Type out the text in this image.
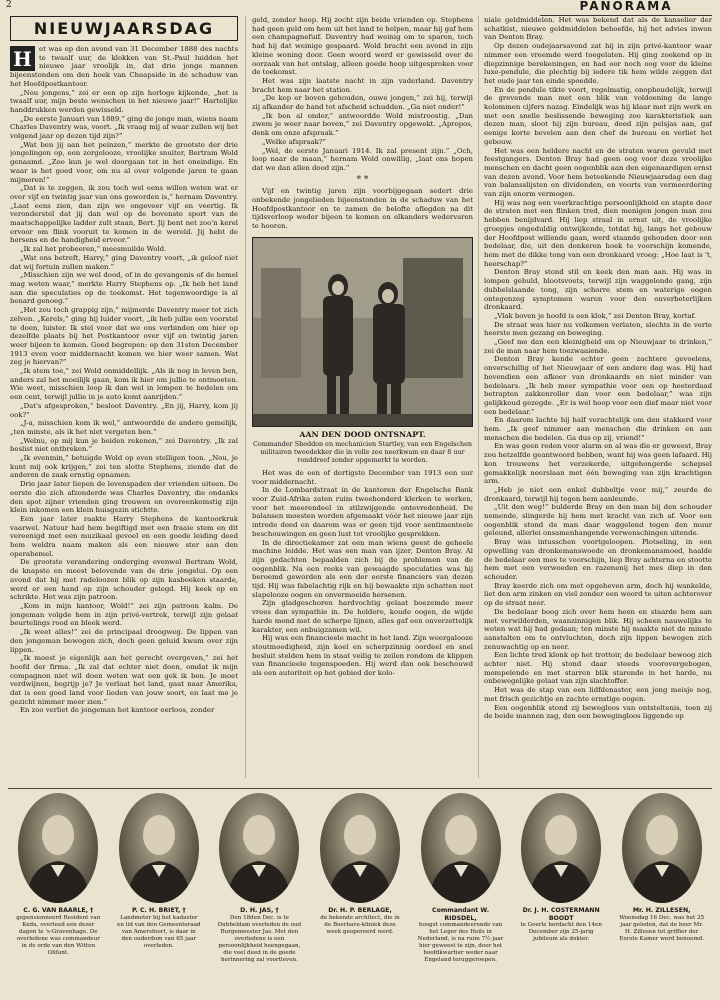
2	PANORAMA
NIEUWJAARSDAG

H	et was op den avond van 31 December 1888 des nachts te twaalf uur, de klokken van St.-Paul luidden het nieuwe jaar vroolijk in, dat drie jonge mannen bijeenstonden om den hoek van Cheapside in de schaduw van het Hoofdpostkantoor.

„Nou jongens,” zei er een op zijn horloge kijkende, „het is twaalf uur, mijn beste wenschen in het nieuwe jaar!” Hartelijke handdrukken werden gewisseld.

„De eerste Januari van 1889,” ging de jonge man, wiens naam Charles Daventry was, voort. „Ik vraag mij af waar zullen wij het volgend jaar op dezen tijd zijn?”

„Wat ben jij aan het peinzen,” merkte de grootste der drie jongelingen op, een zorgelooze, vroolijke snuiter, Bertram Wold genaamd. „Zoo kun je wel doorgaan tot in het oneindige. En waar is het goed voor, om nu al over volgende jaren te gaan mijmeren!”

„Dat is te zeggen, ik zou toch wel eens willen weten wat er over vijf en twintig jaar van ons geworden is,” hernam Daventry. „Laat eens zien, dan zijn we ongeveer vijf en veertig. Ik veronderstel dat jij dan wel op de bovenste sport van de maatschappelijke ladder zult staan, Bert. Jij bent net zoo'n kerel ervoor om flink vooruit te komen in de wereld. Jij hebt de hersens en de handigheid ervoor.”

„Ik zal het probeeren,” meesmuilde Wold.

„Wat ons betreft, Harry,” ging Daventry voort, „ik geloof niet dat wij fortuin zullen maken.”

„Misschien zijn we wel dood, of in de gevangenis of de hemel mag weten waar,” merkte Harry Stephens op. „Ik heb het land aan die speculaties op de toekomst. Het tegenwoordige is al benard genoeg.”

„Het zou toch grappig zijn,” mijmerde Daventry meer tot zich zelven. „Kerels,” ging hij luider voort, „ik heb jullie een voorstel te doen, luister. Ik stel voor dat we ons verbinden om hier op dezelfde plaats bij het Postkantoor over vijf en twintig jaren weer bijeen te komen. Goed begrepen: op den 31sten December 1913 even voor middernacht komen we hier weer samen. Wat zeg je hiervan?”

„Ik stem toe,” zei Wold onmiddellijk. „Als ik nog in leven ben, anders zal het moeilijk gaan, kom ik hier om jullie te ontmoeten. Wie weet, misschien loop ik dan wel in lompen te bedelen om een cent, terwijl jullie in je auto komt aanrijden.”

„Dat's afgesproken,” besloot Daventry. „En jij, Harry, kom jij ook?”

„J-a, misschien kom ik wel,” antwoordde de andere gemelijk, „ten minste, als ik het niet vergeten ben.”

„Welnu, op mij kun je beiden rekenen,” zei Daventry. „Ik zal beslist niet ontbreken.”

„Ik evenmin,” betuigde Wold op even stelligen toon. „Nou, je kunt mij ook krijgen,” zei ten slotte Stephens, ziende dat de anderen de zaak ernstig opnamen.

Drie jaar later liepen de levenspaden der vrienden uiteen. De eerste die zich afzonderde was Charles Daventry, die ondanks den spot zijner vrienden ging trouwen en overeenkomstig zijn klein inkomen een klein huisgezin stichtte.

Een jaar later raakte Harry Stephens de kantoorkruk vaarwel. Natuur had hem begiftigd met een fraaie stem en dit vereenigd met een muzikaal gevoel en een goede leiding deed hem weldra naam maken als een nieuwe ster aan den operahemel.

De grootste verandering onderging evenwel Bertram Wold, de knapste en meest belovende van de drie jongelui. Op een avond dat hij met radeloozen blik op zijn kasboeken staarde, werd er een hand op zijn schouder gelegd. Hij keek op en schrikte. Het was zijn patroon.

„Kom in mijn kantoor, Wold!” zei zijn patroon kalm. De jongeman volgde hem in zijn privé-vertrek, terwijl zijn gelaat beurtelings rood en bleek werd.

„Ik weet alles!” zei de principaal droogweg. De lippen van den jongeman bewogen zich, doch geen geluid kwam over zijn lippen.

„Ik moest je eigenlijk aan het gerecht overgeven,” zei het hoofd der firma. „Ik zal dat echter niet doen, omdat ik mijn compagnon niet wil doen weten wat een gek ik ben. Je moet verdwijnen, begrijp je? Je verlaat het land, gaat naar Amerika, dat is een goed land voor lieden van jouw soort, en laat me je gezicht nimmer meer zien.”

En zoo verliet de jongeman het kantoor eerloos, zonder

geld, zonder hoop. Hij zocht zijn beide vrienden op. Stephens had geen geld om hem uit het land te helpen, maar hij gaf hem een champagnefuif. Daventry had weinig om te sparen, toch had hij dat weinige gespaard. Wold bracht een avond in zijn kleine woning door. Geen woord werd er gewisseld over de oorzaak van het ontslag, alleen goede hoop uitgesproken voor de toekomst.

Het was zijn laatste nacht in zijn vaderland. Daventry bracht hem naar het station.

„De kop er boven gehouden, ouwe jongen,” zei hij, terwijl zij afkander de hand tot afscheid schudden. „Ga niet onder!”

„Ik ben al onder,” antwoordde Wold mistroostig. „Dan zwem je weer naar boven,” zei Daventry opgewekt. „Apropos, denk om onze afspraak.”

„Welke afspraak?”

„Wel, de eerste Januari 1914. Ik zal present zijn.” „Och, loop naar de maan,” hernam Wold onwillig, „laat ons hopen dat we dan allen dood zijn.”

* *

Vijf en twintig jaren zijn voorbijgegaan sedert drie onbekende jongelieden bijeenstonden in de schaduw van het Hoofdpostkantoor en te zamen de belofte aflegden na dit tijdsverloop weder bijeen te komen en elkanders wedervaren te hooren.

AAN DEN DOOD ONTSNAPT.
Commander Sheddon en mechanicien Startley, van een Engelschen militairen tweedekker die in volle zee neerkwam en daar 8 uur ronddreef zonder opgemerkt te worden.

Het was de een of dertigste December van 1913 een uur voor middernacht.

In de Lombardstraat in de kantoren der Engelsche Bank voor Zuid-Afrika zaten ruim tweehonderd klerken te werken, voor het meerendeel in stilzwijgende ontevredenheid. De balansen moesten worden afgemaakt vóór het nieuwe jaar zijn intrede deed en daarom was er geen tijd voor sentimenteele beschouwingen en geen lust tot vroolijke gesprekken.

In de directiekamer zat een man wiens geest de geheele machine leidde. Het was een man van ijzer, Denton Bray. Al zijn gedachten bepaalden zich bij de problemen van de oogenblik. Na een reeks van gewaagde speculaties was hij beroemd geworden als een der eerste financiers van dezen tijd. Hij was fabelachtig rijk en hij bewaakte zijn schatten met slapelooze oogen en onvermoeide hersenen.

Zijn gladgeschoren hardvochtig gelaat boezemde meer vrees dan sympathie in. De holdere, koude oogen, de wijde harde mond met de scherpe lijnen, alles gaf een onverzettelijk karakter, een onbuigzamen wil.

Hij was een financieele macht in het land. Zijn weergalooze stoutmoedigheid, zijn koel en scherpzinnig oordeel en snel besluit stelden hem in staat veilig te zeilen rondom de klippen van financieele tegenspoeden. Hij werd dan ook beschouwd als een autoriteit op het gebied der kolo-

niale geldmiddelen. Het was bekend dat als de kanselier der schatkist, nieuwe geldmiddelen behoefde, hij het advies inwon van Denton Bray.

Op dezen oudejaarsavond zat hij in zijn privé-kantoor waar nimmer een vreemde werd toegelaten. Hij ging zoekend op in diepzinnige berekeningen, en had oor noch oog voor de kleine luxe-pendule, die plechtig bij iedere tik hem wilde zeggen dat het oude jaar ten einde spoedde.

En de pendule tikte voort, regelmatig, onophoudelijk, terwijl de grevende man met een blik van voldoening de lange kolommen cijfers nazag. Eindelijk was hij klaar met zijn werk en met een snelle beslissende beweging zoo karakteristiek aan dezen man, sloot hij zijn bureau, deed zijn pelsjas aan, gaf eenige korte bevelen aan den chef de bureau en verliet het gebouw.

Het was een heldere nacht en de straten waren gevuld met feestgangers. Denton Bray had geen oog voor deze vroolijke menschen en dacht geen oogenblik aan den eigenaardigen ernst van dezen avond. Voor hem beteekende Nieuwjaarsdag een dag van balansslijsten en dividenden, en voorts van vermeerdering van zijn enorm vermogen.

Hij was nog een veerkrachtige persoonlijkheid en stapte door de straten met een flinken tred, dien menigen jongen man zou hebben benijdvard. Hij liep straal in ernst uit, de vroolijke groepjes ongeduldig ontwijkende, totdat hij, langs het gebouw der Hoofdpost willende gaan, werd staande gehouden door een bedelaar, die, uit den donkeren hoek te voorschijn komende, hem met de dikke tong van een dronkaard vroeg: „Hoe laat is 't, heerschap?”

Denton Bray stond stil en keek den man aan. Hij was in lompen gehuld, blootsvoets, terwijl zijn waggelende gang, zijn dubbelslaande tong, zijn schorre stem en waterige oogen ontegenzeg symptomen waren voor den onverbeterlijken dronkaard.

„Vlak boven je hoofd is een klok,” zei Denton Bray, kortaf.

De straat was hier nu volkomen verlaten, slechts in de verte heerste men gezang en beweging.

„Geef me dan een kleinigheid om op Nieuwjaar te drinken,” zei de man naar hem toezwaaiende.

Denton Bray kende echter geen zachtere gevoelens, onverschillig of het Nieuwjaar of een andere dag was. Hij had bovendien een afkeer van dronkaards en niet minder van bedelaars. „Ik heb meer sympathie voor een op heeterdaad betrapten zakkenroller dan voor een bedelaar,” was zijn gelijkkoud gezegde. „Er is wel hoop voor een dief maar niet voor een bedelaar.”

En daarom lachte hij half verachtelijk om den stakkerd voor hem. „Ik geef nimmer aan menschen die drinken en aan menschen die bedelen. Ga dus op zij, vriend!”

En was geen reden voor alarm en al was die er geweest, Bray zou hetzelfde geantwoord hebben, want hij was geen lafaard. Hij kon trouwens het verzekerde, uitgehongerde schepsel gemakkelijk neerslaan met één beweging van zijn krachtigen arm.

„Heb je niet een enkel dubbeltje voor mij,” zeurde de dronkaard, terwijl hij tegen hem aanleunde.

„Uit den weg!” bulderde Bray en den man bij den schouder nemende, slingerde hij hem met kracht van zich af. Voor een oogenblik stond de man daar waggelend tegen den muur geleund, allerlei onsamenhangende verwenschingen uitende.

Bray was intusschen voortgeloopen. Plotseling, in een opwelling van dronkemanswoede en dronkemansmoed, haalde de bedelaar een mes te voorschijn, liep Bray achterna en stootte hem met een verwoeden en razenenij het mes diep in den schouder.

Bray keerde zich om met opgeheven arm, doch hij wankelde, liet den arm zinken en viel zonder een woord te uiten achterover op de straat neer.

De bedelaar boog zich over hem heen en staarde hem aan met verwilderden, waanzinnigen blik. Hij scheen nauwelijks te weten wat hij had gedaan; ten minste hij maakte niet de minste aanstalten om te ontvluchten, doch zijn lippen bewogen zich zenuwachtig op en neer.

Een lichte tred klonk op het trottoir, de bedelaar bewoog zich achter niet. Hij stond daar steeds voorovergebogen, mompelende en met starren blik starende in het harde, nu onbewegelijke gelaat van zijn slachtoffer.

Het was de stap van een lidfdenaster, een jong meisje nog, met frisch gezichtje en zachte ernstige oogen.

Een oogenblik stond zij bewegloos van ontsteltenis, toen zij de beide mannen zag, den een bewegingloos liggende op

C. G. VAN BAARLE, †
gepensionneerd Resident van Kedu, overleed een dezer dagen te 's-Gravenhage. De overledene was commandeur in de orde van den Witten Olifant.
P. C. H. BRIET, †
Landmeter bij het kadaster en lid van den Gemeenteraad van Amersfoort, is daar in den ouderdom van 65 jaar overleden.
D. H. JAS, †
Den 18den Dec. is te Dubbeldam overleden de oud Burgemeester Jas. Met den overledene is een persoonlijkheid heengegaan, die veel deed in de goede herinnering zal voortleven.
Dr. H. P. BERLAGE,
de bekende architect, die in de Boerhave-kliniek deze week geopereerd werd.
Commandant W. RIDSDEL,
hoogst commandeerende van het Leger des Heils in Nederland, is na ruim 7½ jaar hier geweest te zijn, door het hoofdkwartier weder naar Engeland teruggeroepen.
Dr. J. H. COSTERMANN BOODT
te Goerle herdacht den 14en December zijn 25-jarig jubileum als dokter.
Mr. H. ZILLESEN,
Woensdag 16 Dec. was het 25 jaar geleden, dat de heer Mr. H. Zillesen tot griffier der Eerste Kamer werd benoemd.
